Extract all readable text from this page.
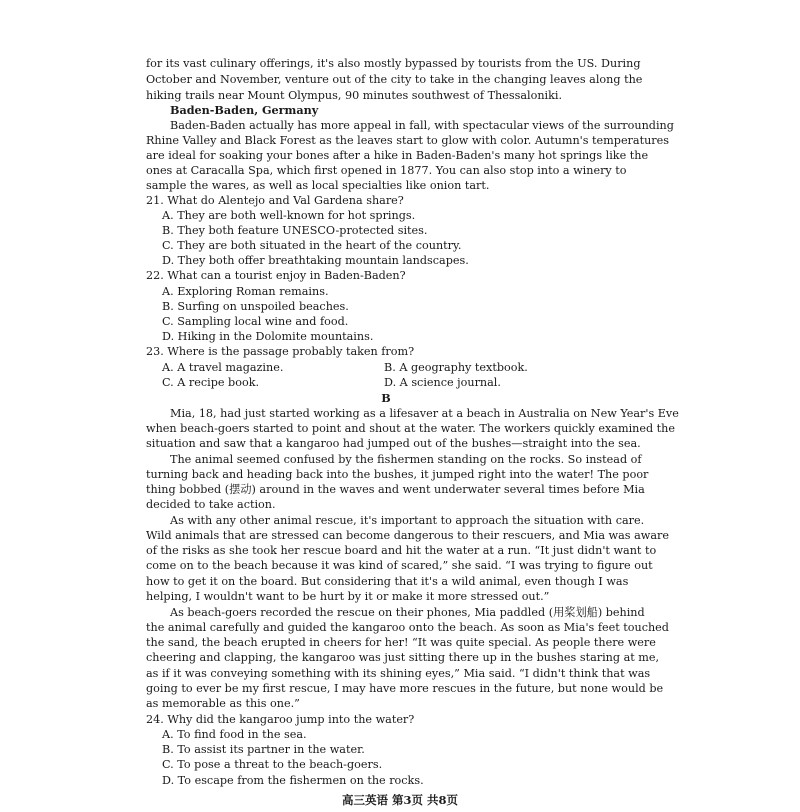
for its vast culinary offerings, it's also mostly bypassed by tourists from the US. During
October and November, venture out of the city to take in the changing leaves along the
hiking trails near Mount Olympus, 90 minutes southwest of Thessaloniki.
Baden-Baden, Germany
Baden-Baden actually has more appeal in fall, with spectacular views of the surrounding
Rhine Valley and Black Forest as the leaves start to glow with color. Autumn's temperatures
are ideal for soaking your bones after a hike in Baden-Baden's many hot springs like the
ones at Caracalla Spa, which first opened in 1877. You can also stop into a winery to
sample the wares, as well as local specialties like onion tart.
21. What do Alentejo and Val Gardena share?
A. They are both well-known for hot springs.
B. They both feature UNESCO-protected sites.
C. They are both situated in the heart of the country.
D. They both offer breathtaking mountain landscapes.
22. What can a tourist enjoy in Baden-Baden?
A. Exploring Roman remains.
B. Surfing on unspoiled beaches.
C. Sampling local wine and food.
D. Hiking in the Dolomite mountains.
23. Where is the passage probably taken from?
A. A travel magazine.	B. A geography textbook.
C. A recipe book.	D. A science journal.
B
Mia, 18, had just started working as a lifesaver at a beach in Australia on New Year's Eve
when beach-goers started to point and shout at the water. The workers quickly examined the
situation and saw that a kangaroo had jumped out of the bushes—straight into the sea.
The animal seemed confused by the fishermen standing on the rocks. So instead of
turning back and heading back into the bushes, it jumped right into the water! The poor
thing bobbed (摆动) around in the waves and went underwater several times before Mia
decided to take action.
As with any other animal rescue, it's important to approach the situation with care.
Wild animals that are stressed can become dangerous to their rescuers, and Mia was aware
of the risks as she took her rescue board and hit the water at a run. “It just didn't want to
come on to the beach because it was kind of scared,” she said. “I was trying to figure out
how to get it on the board. But considering that it's a wild animal, even though I was
helping, I wouldn't want to be hurt by it or make it more stressed out.”
As beach-goers recorded the rescue on their phones, Mia paddled (用桨划船) behind
the animal carefully and guided the kangaroo onto the beach. As soon as Mia's feet touched
the sand, the beach erupted in cheers for her! “It was quite special. As people there were
cheering and clapping, the kangaroo was just sitting there up in the bushes staring at me,
as if it was conveying something with its shining eyes,” Mia said. “I didn't think that was
going to ever be my first rescue, I may have more rescues in the future, but none would be
as memorable as this one.”
24. Why did the kangaroo jump into the water?
A. To find food in the sea.
B. To assist its partner in the water.
C. To pose a threat to the beach-goers.
D. To escape from the fishermen on the rocks.
高三英语 第3页 共8页
